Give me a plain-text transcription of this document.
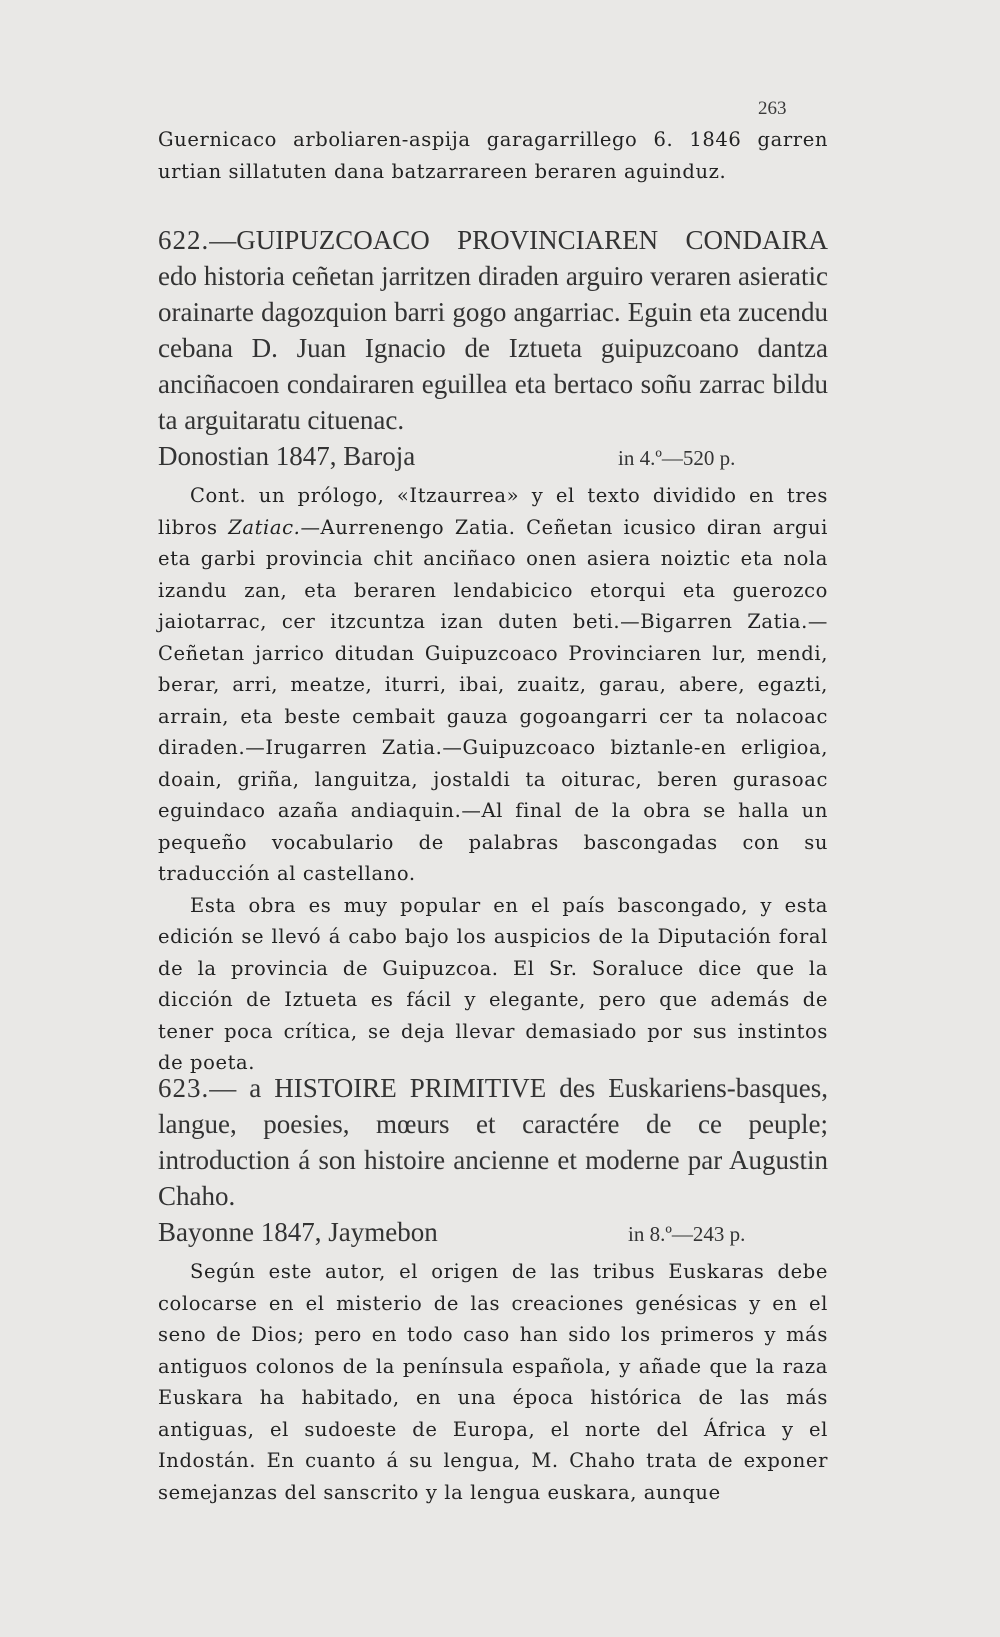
263

Guernicaco arboliaren-aspija garagarrillego 6. 1846 garren urtian sillatuten dana batzarrareen beraren aguinduz.

622.—GUIPUZCOACO PROVINCIAREN CONDAIRA edo historia ceñetan jarritzen diraden arguiro veraren asieratic orainarte dagozquion barri gogo angarriac. Eguin eta zucendu cebana D. Juan Ignacio de Iztueta guipuzcoano dantza anciñacoen condairaren eguillea eta bertaco soñu zarrac bildu ta arguitaratu cituenac.
Donostian 1847, Baroja	in 4.º—520 p.

Cont. un prólogo, «Itzaurrea» y el texto dividido en tres libros Zatiac.—Aurrenengo Zatia. Ceñetan icusico diran argui eta garbi provincia chit anciñaco onen asiera noiztic eta nola izandu zan, eta beraren lendabicico etorqui eta guerozco jaiotarrac, cer itzcuntza izan duten beti.—Bigarren Zatia.—Ceñetan jarrico ditudan Guipuzcoaco Provinciaren lur, mendi, berar, arri, meatze, iturri, ibai, zuaitz, garau, abere, egazti, arrain, eta beste cembait gauza gogoangarri cer ta nolacoac diraden.—Irugarren Zatia.—Guipuzcoaco biztanle-en erligioa, doain, griña, languitza, jostaldi ta oiturac, beren gurasoac eguindaco azaña andiaquin.—Al final de la obra se halla un pequeño vocabulario de palabras bascongadas con su traducción al castellano.

Esta obra es muy popular en el país bascongado, y esta edición se llevó á cabo bajo los auspicios de la Diputación foral de la provincia de Guipuzcoa. El Sr. Soraluce dice que la dicción de Iztueta es fácil y elegante, pero que además de tener poca crítica, se deja llevar demasiado por sus instintos de poeta.

623.— a HISTOIRE PRIMITIVE des Euskariens-basques, langue, poesies, mœurs et caractére de ce peuple; introduction á son histoire ancienne et moderne par Augustin Chaho.
Bayonne 1847, Jaymebon	in 8.º—243 p.

Según este autor, el origen de las tribus Euskaras debe colocarse en el misterio de las creaciones genésicas y en el seno de Dios; pero en todo caso han sido los primeros y más antiguos colonos de la península española, y añade que la raza Euskara ha habitado, en una época histórica de las más antiguas, el sudoeste de Europa, el norte del África y el Indostán. En cuanto á su lengua, M. Chaho trata de exponer semejanzas del sanscrito y la lengua euskara, aunque
